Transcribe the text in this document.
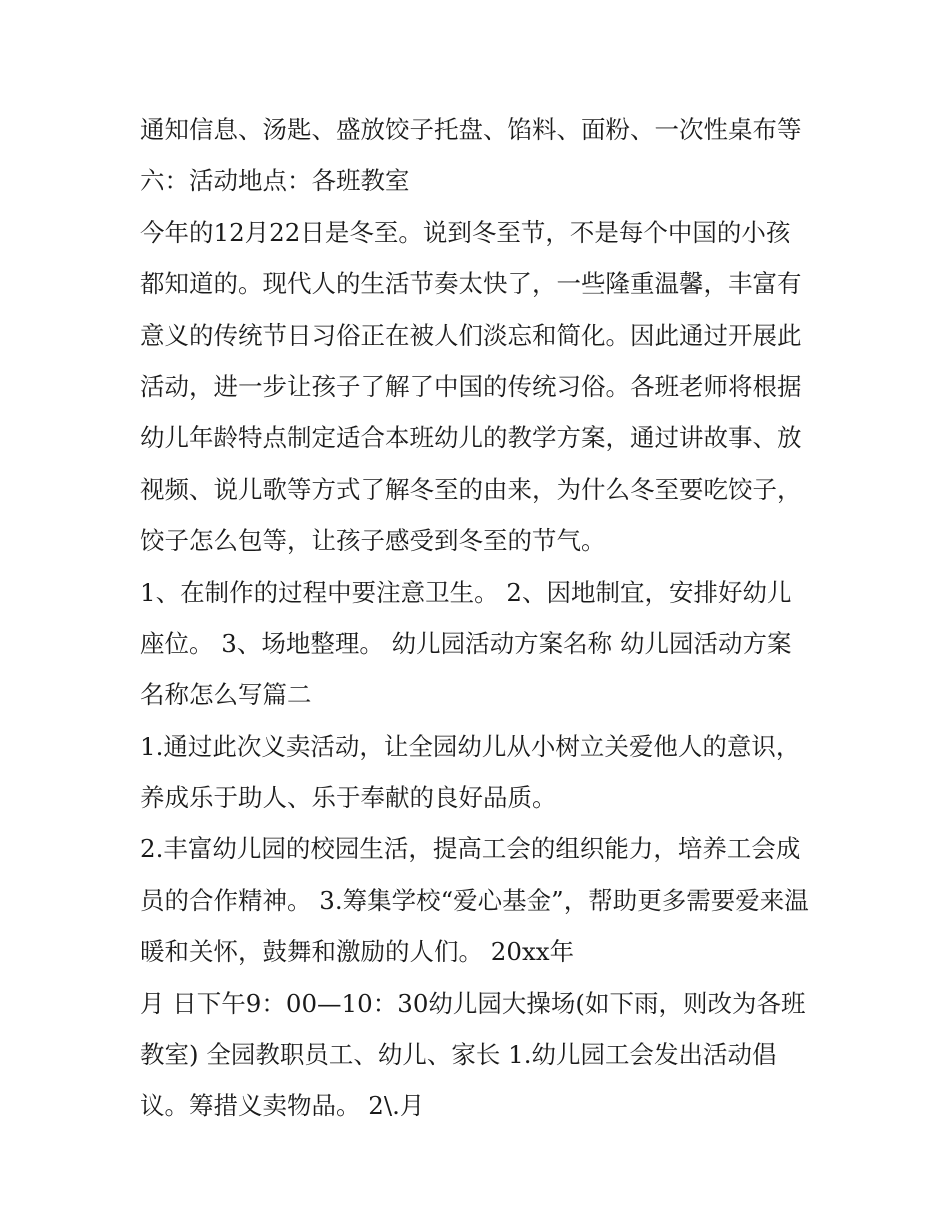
通知信息、汤匙、盛放饺子托盘、馅料、面粉、一次性桌布等
六：活动地点：各班教室
今年的12月22日是冬至。说到冬至节，不是每个中国的小孩
都知道的。现代人的生活节奏太快了，一些隆重温馨，丰富有
意义的传统节日习俗正在被人们淡忘和简化。因此通过开展此
活动，进一步让孩子了解了中国的传统习俗。各班老师将根据
幼儿年龄特点制定适合本班幼儿的教学方案，通过讲故事、放
视频、说儿歌等方式了解冬至的由来，为什么冬至要吃饺子，
饺子怎么包等，让孩子感受到冬至的节气。
1、在制作的过程中要注意卫生。 2、因地制宜，安排好幼儿
座位。 3、场地整理。 幼儿园活动方案名称 幼儿园活动方案
名称怎么写篇二
1.通过此次义卖活动，让全园幼儿从小树立关爱他人的意识，
养成乐于助人、乐于奉献的良好品质。
2.丰富幼儿园的校园生活，提高工会的组织能力，培养工会成
员的合作精神。 3.筹集学校“爱心基金”，帮助更多需要爱来温
暖和关怀，鼓舞和激励的人们。 20xx年
月 日下午9：00—10：30幼儿园大操场(如下雨，则改为各班
教室) 全园教职员工、幼儿、家长 1.幼儿园工会发出活动倡
议。筹措义卖物品。 2\.月
